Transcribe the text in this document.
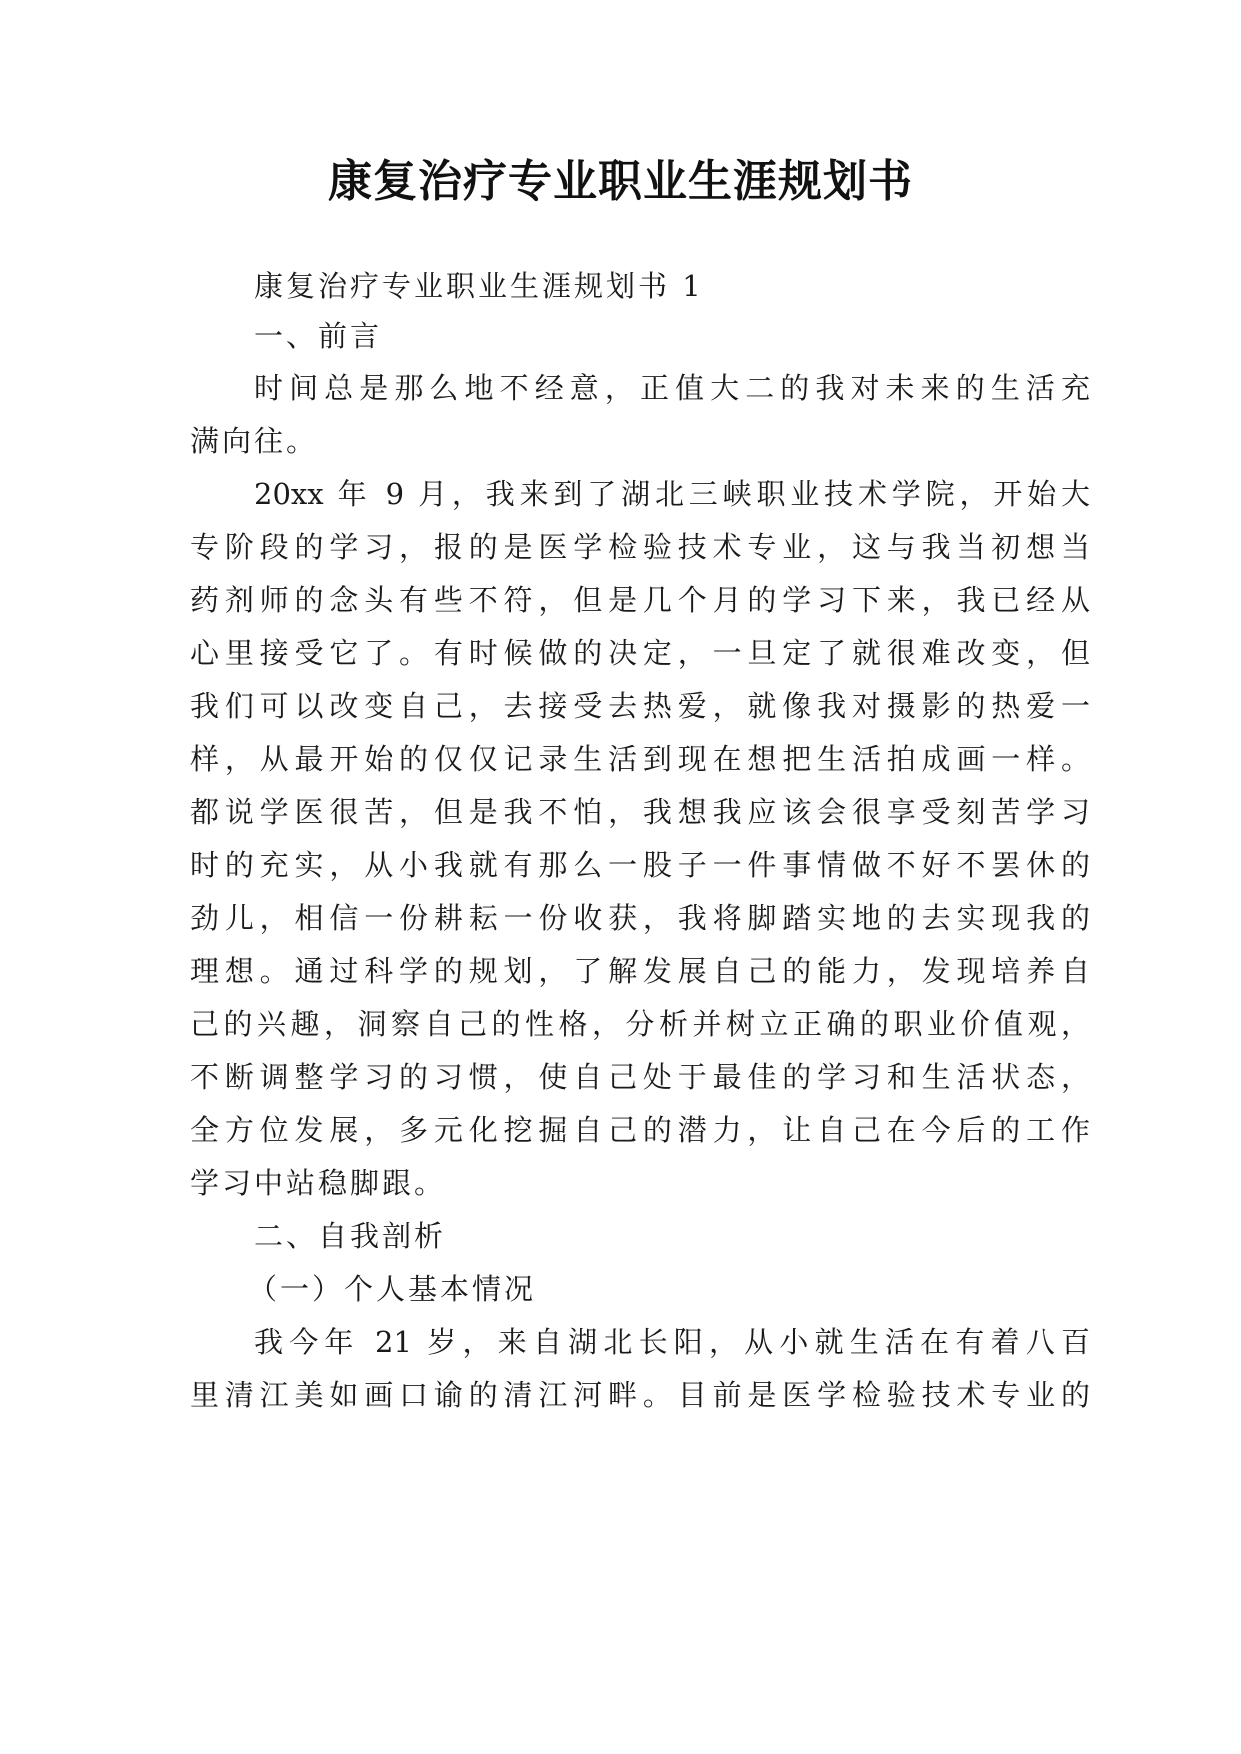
康复治疗专业职业生涯规划书
康复治疗专业职业生涯规划书 1
一、前言
时间总是那么地不经意，正值大二的我对未来的生活充
满向往。
20xx 年 9 月，我来到了湖北三峡职业技术学院，开始大
专阶段的学习，报的是医学检验技术专业，这与我当初想当
药剂师的念头有些不符，但是几个月的学习下来，我已经从
心里接受它了。有时候做的决定，一旦定了就很难改变，但
我们可以改变自己，去接受去热爱，就像我对摄影的热爱一
样，从最开始的仅仅记录生活到现在想把生活拍成画一样。
都说学医很苦，但是我不怕，我想我应该会很享受刻苦学习
时的充实，从小我就有那么一股子一件事情做不好不罢休的
劲儿，相信一份耕耘一份收获，我将脚踏实地的去实现我的
理想。通过科学的规划，了解发展自己的能力，发现培养自
己的兴趣，洞察自己的性格，分析并树立正确的职业价值观，
不断调整学习的习惯，使自己处于最佳的学习和生活状态，
全方位发展，多元化挖掘自己的潜力，让自己在今后的工作
学习中站稳脚跟。
二、自我剖析
（一）个人基本情况
我今年 21 岁，来自湖北长阳，从小就生活在有着八百
里清江美如画口谕的清江河畔。目前是医学检验技术专业的
